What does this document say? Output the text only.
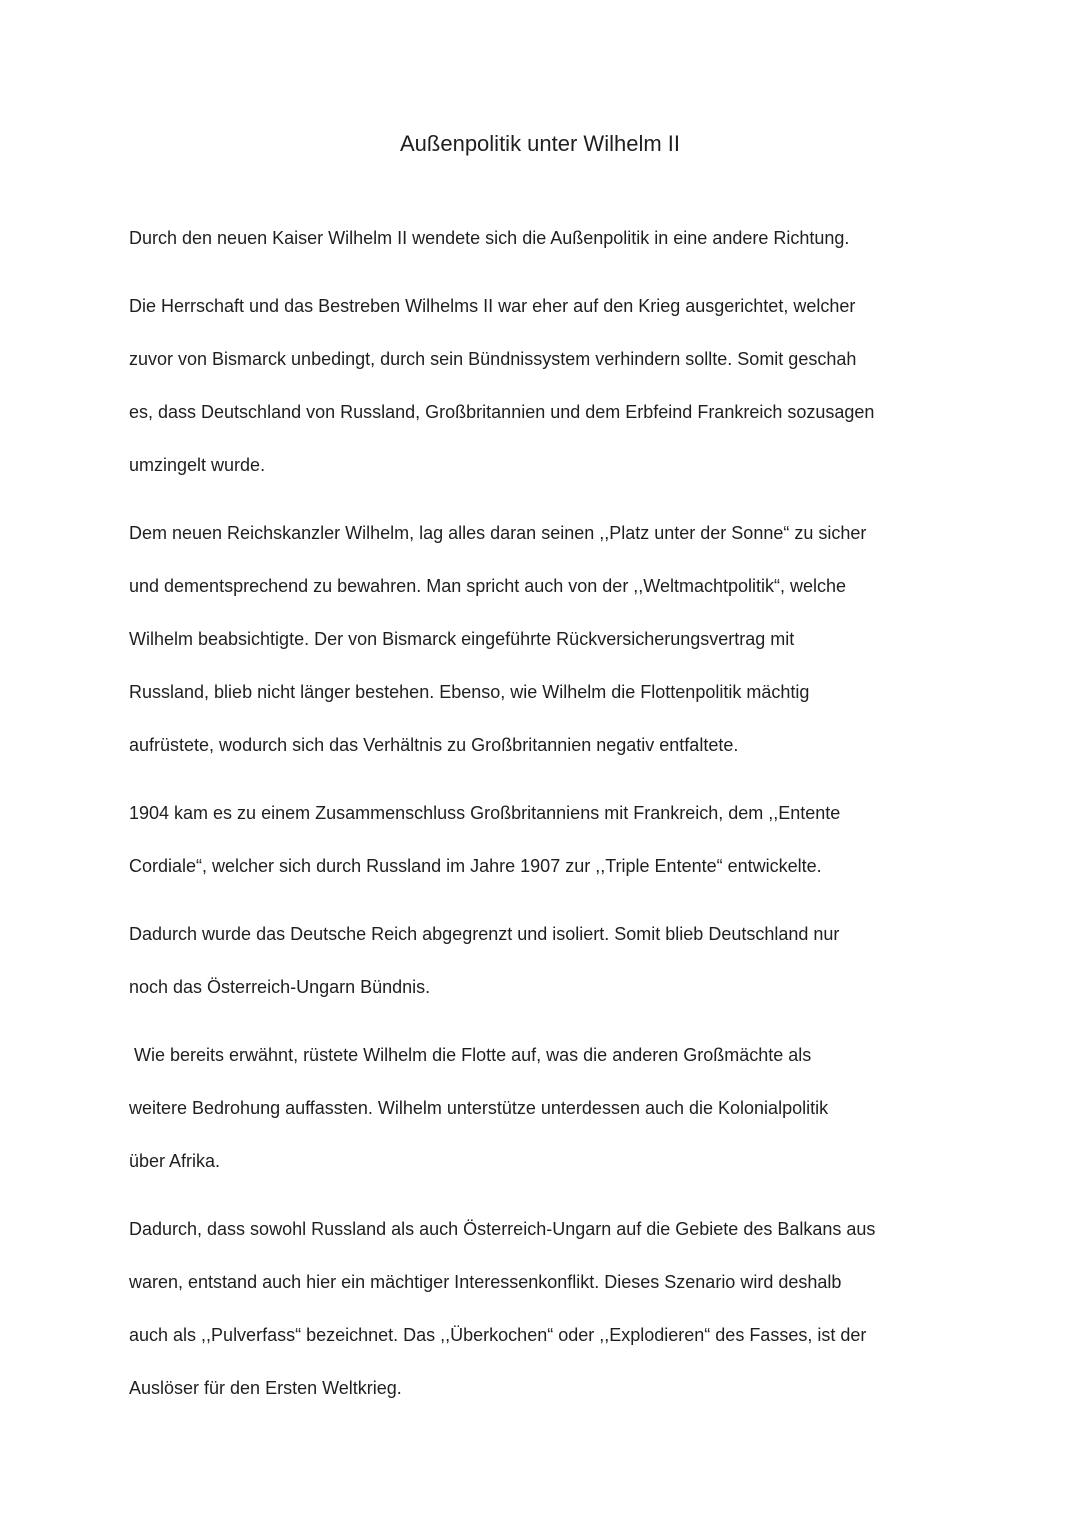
Außenpolitik unter Wilhelm II

Durch den neuen Kaiser Wilhelm II wendete sich die Außenpolitik in eine andere Richtung.

Die Herrschaft und das Bestreben Wilhelms II war eher auf den Krieg ausgerichtet, welcher

zuvor von Bismarck unbedingt, durch sein Bündnissystem verhindern sollte. Somit geschah

es, dass Deutschland von Russland, Großbritannien und dem Erbfeind Frankreich sozusagen

umzingelt wurde.

Dem neuen Reichskanzler Wilhelm, lag alles daran seinen ,,Platz unter der Sonne“ zu sicher

und dementsprechend zu bewahren. Man spricht auch von der ,,Weltmachtpolitik“, welche

Wilhelm beabsichtigte. Der von Bismarck eingeführte Rückversicherungsvertrag mit

Russland, blieb nicht länger bestehen. Ebenso, wie Wilhelm die Flottenpolitik mächtig

aufrüstete, wodurch sich das Verhältnis zu Großbritannien negativ entfaltete.

1904 kam es zu einem Zusammenschluss Großbritanniens mit Frankreich, dem ,,Entente

Cordiale“, welcher sich durch Russland im Jahre 1907 zur ,,Triple Entente“ entwickelte.

Dadurch wurde das Deutsche Reich abgegrenzt und isoliert. Somit blieb Deutschland nur

noch das Österreich-Ungarn Bündnis.

Wie bereits erwähnt, rüstete Wilhelm die Flotte auf, was die anderen Großmächte als

weitere Bedrohung auffassten. Wilhelm unterstütze unterdessen auch die Kolonialpolitik

über Afrika.

Dadurch, dass sowohl Russland als auch Österreich-Ungarn auf die Gebiete des Balkans aus

waren, entstand auch hier ein mächtiger Interessenkonflikt. Dieses Szenario wird deshalb

auch als ,,Pulverfass“ bezeichnet. Das ,,Überkochen“ oder ,,Explodieren“ des Fasses, ist der

Auslöser für den Ersten Weltkrieg.
